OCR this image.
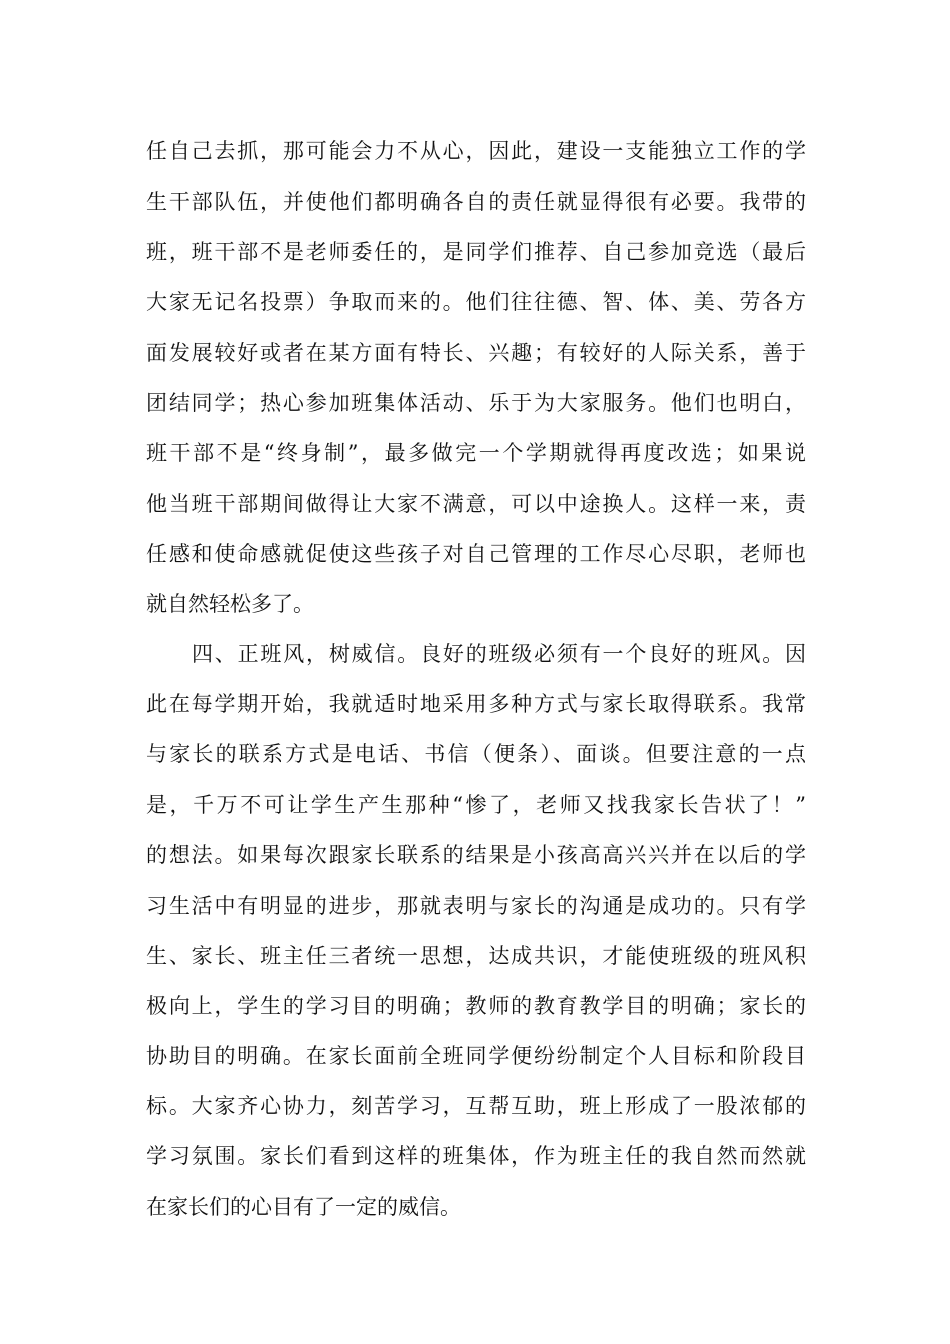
任自己去抓，那可能会力不从心，因此，建设一支能独立工作的学
生干部队伍，并使他们都明确各自的责任就显得很有必要。我带的
班，班干部不是老师委任的，是同学们推荐、自己参加竞选（最后
大家无记名投票）争取而来的。他们往往德、智、体、美、劳各方
面发展较好或者在某方面有特长、兴趣；有较好的人际关系，善于
团结同学；热心参加班集体活动、乐于为大家服务。他们也明白，
班干部不是“终身制”，最多做完一个学期就得再度改选；如果说
他当班干部期间做得让大家不满意，可以中途换人。这样一来，责
任感和使命感就促使这些孩子对自己管理的工作尽心尽职，老师也
就自然轻松多了。
四、正班风，树威信。良好的班级必须有一个良好的班风。因
此在每学期开始，我就适时地采用多种方式与家长取得联系。我常
与家长的联系方式是电话、书信（便条）、面谈。但要注意的一点
是，千万不可让学生产生那种“惨了，老师又找我家长告状了！”
的想法。如果每次跟家长联系的结果是小孩高高兴兴并在以后的学
习生活中有明显的进步，那就表明与家长的沟通是成功的。只有学
生、家长、班主任三者统一思想，达成共识，才能使班级的班风积
极向上，学生的学习目的明确；教师的教育教学目的明确；家长的
协助目的明确。在家长面前全班同学便纷纷制定个人目标和阶段目
标。大家齐心协力，刻苦学习，互帮互助，班上形成了一股浓郁的
学习氛围。家长们看到这样的班集体，作为班主任的我自然而然就
在家长们的心目有了一定的威信。
